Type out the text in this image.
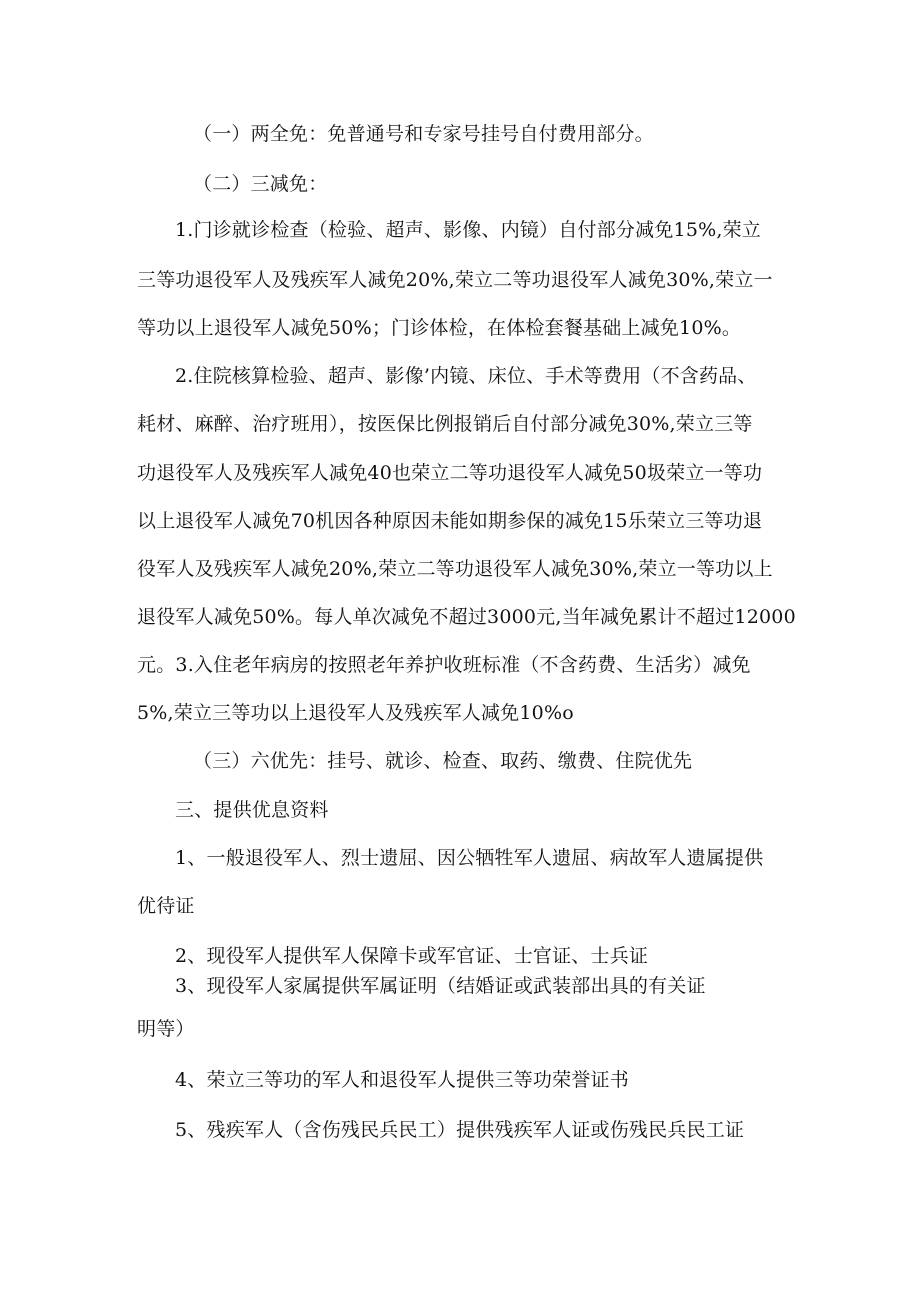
（一）两全免：免普通号和专家号挂号自付费用部分。
（二）三减免：
1.门诊就诊检查（检验、超声、影像、内镜）自付部分减免15%,荣立
三等功退役军人及残疾军人减免20%,荣立二等功退役军人减免30%,荣立一
等功以上退役军人减免50%；门诊体检，在体检套餐基础上减免10%。
2.住院核算检验、超声、影像’内镜、床位、手术等费用（不含药品、
耗材、麻醉、治疗班用），按医保比例报销后自付部分减免30%,荣立三等
功退役军人及残疾军人减免40也荣立二等功退役军人减免50圾荣立一等功
以上退役军人减免70机因各种原因未能如期参保的减免15乐荣立三等功退
役军人及残疾军人减免20%,荣立二等功退役军人减免30%,荣立一等功以上
退役军人减免50%。每人单次减免不超过3000元,当年减免累计不超过12000
元。3.入住老年病房的按照老年养护收班标准（不含药费、生活劣）减免
5%,荣立三等功以上退役军人及残疾军人减免10%o
（三）六优先：挂号、就诊、检查、取药、缴费、住院优先
三、提供优息资料
1、一般退役军人、烈士遗屈、因公牺牲军人遗屈、病故军人遗属提供
优待证
2、现役军人提供军人保障卡或军官证、士官证、士兵证
3、现役军人家属提供军属证明（结婚证或武装部出具的有关证
明等）
4、荣立三等功的军人和退役军人提供三等功荣誉证书
5、残疾军人（含伤残民兵民工）提供残疾军人证或伤残民兵民工证
